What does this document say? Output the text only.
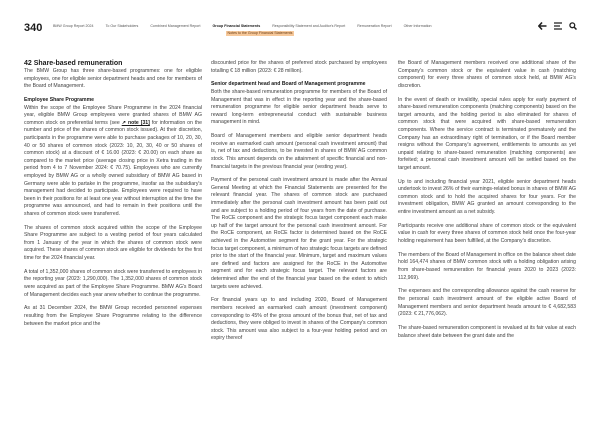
340	BMW Group Report 2024	To Our Stakeholders	Combined Management Report	Group Financial Statements	Responsibility Statement and Auditor's Report	Remuneration Report	Other Information
Notes to the Group Financial Statements

42 Share-based remuneration

The BMW Group has three share-based programmes: one for eligible employees, one for eligible senior department heads and one for members of the Board of Management.

Employee Share Programme

Within the scope of the Employee Share Programme in the 2024 financial year, eligible BMW Group employees were granted shares of BMW AG common stock on preferential terms (see ↗ note [31] for information on the number and price of the shares of common stock issued). At their discretion, participants in the programme were able to purchase packages of 10, 20, 30, 40 or 50 shares of common stock (2023: 10, 20, 30, 40 or 50 shares of common stock) at a discount of € 16.00 (2023: € 20.00) on each share as compared to the market price (average closing price in Xetra trading in the period from 4 to 7 November 2024: € 70.75). Employees who are currently employed by BMW AG or a wholly owned subsidiary of BMW AG based in Germany were able to partake in the programme, insofar as the subsidiary's management had decided to participate. Employees were required to have been in their positions for at least one year without interruption at the time the programme was announced, and had to remain in their positions until the shares of common stock were transferred.

The shares of common stock acquired within the scope of the Employee Share Programme are subject to a vesting period of four years calculated from 1 January of the year in which the shares of common stock were acquired. These shares of common stock are eligible for dividends for the first time for the 2024 financial year.

A total of 1,352,000 shares of common stock were transferred to employees in the reporting year (2023: 1,290,000). The 1,352,000 shares of common stock were acquired as part of the Employee Share Programme. BMW AG's Board of Management decides each year anew whether to continue the programme.

As at 31 December 2024, the BMW Group recorded personnel expenses resulting from the Employee Share Programme relating to the difference between the market price and the

discounted price for the shares of preferred stock purchased by employees totalling € 18 million (2023: € 28 million).

Senior department head and Board of Management programme

Both the share-based remuneration programme for members of the Board of Management that was in effect in the reporting year and the share-based remuneration programme for eligible senior department heads serve to reward long-term entrepreneurial conduct with sustainable business management in mind.

Board of Management members and eligible senior department heads receive an earmarked cash amount (personal cash investment amount) that is, net of tax and deductions, to be invested in shares of BMW AG common stock. This amount depends on the attainment of specific financial and non-financial targets in the previous financial year (vesting year).

Payment of the personal cash investment amount is made after the Annual General Meeting at which the Financial Statements are presented for the relevant financial year. The shares of common stock are purchased immediately after the personal cash investment amount has been paid out and are subject to a holding period of four years from the date of purchase. The RoCE component and the strategic focus target component each make up half of the target amount for the personal cash investment amount. For the RoCE component, an RoCE factor is determined based on the RoCE achieved in the Automotive segment for the grant year. For the strategic focus target component, a minimum of two strategic focus targets are defined prior to the start of the financial year. Minimum, target and maximum values are defined and factors are assigned for the RoCE in the Automotive segment and for each strategic focus target. The relevant factors are determined after the end of the financial year based on the extent to which targets were achieved.

For financial years up to and including 2020, Board of Management members received an earmarked cash amount (investment component) corresponding to 45% of the gross amount of the bonus that, net of tax and deductions, they were obliged to invest in shares of the Company's common stock. This amount was also subject to a four-year holding period and on expiry thereof

the Board of Management members received one additional share of the Company's common stock or the equivalent value in cash (matching component) for every three shares of common stock held, at BMW AG's discretion.

In the event of death or invalidity, special rules apply for early payment of share-based remuneration components (matching components) based on the target amounts, and the holding period is also eliminated for shares of common stock that were acquired with share-based remuneration components. Where the service contract is terminated prematurely and the Company has an extraordinary right of termination, or if the Board member resigns without the Company's agreement, entitlements to amounts as yet unpaid relating to share-based remuneration (matching components) are forfeited; a personal cash investment amount will be settled based on the target amount.

Up to and including financial year 2021, eligible senior department heads undertook to invest 26% of their earnings-related bonus in shares of BMW AG common stock and to hold the acquired shares for four years. For the investment obligation, BMW AG granted an amount corresponding to the entire investment amount as a net subsidy.

Participants receive one additional share of common stock or the equivalent value in cash for every three shares of common stock held once the four-year holding requirement has been fulfilled, at the Company's discretion.

The members of the Board of Management in office on the balance sheet date hold 164,474 shares of BMW common stock with a holding obligation arising from share-based remuneration for financial years 2020 to 2023 (2023: 112,969).

The expenses and the corresponding allowance against the cash reserve for the personal cash investment amount of the eligible active Board of Management members and senior department heads amount to € 4,682,583 (2023: € 21,776,062).

The share-based remuneration component is revalued at its fair value at each balance sheet date between the grant date and the
